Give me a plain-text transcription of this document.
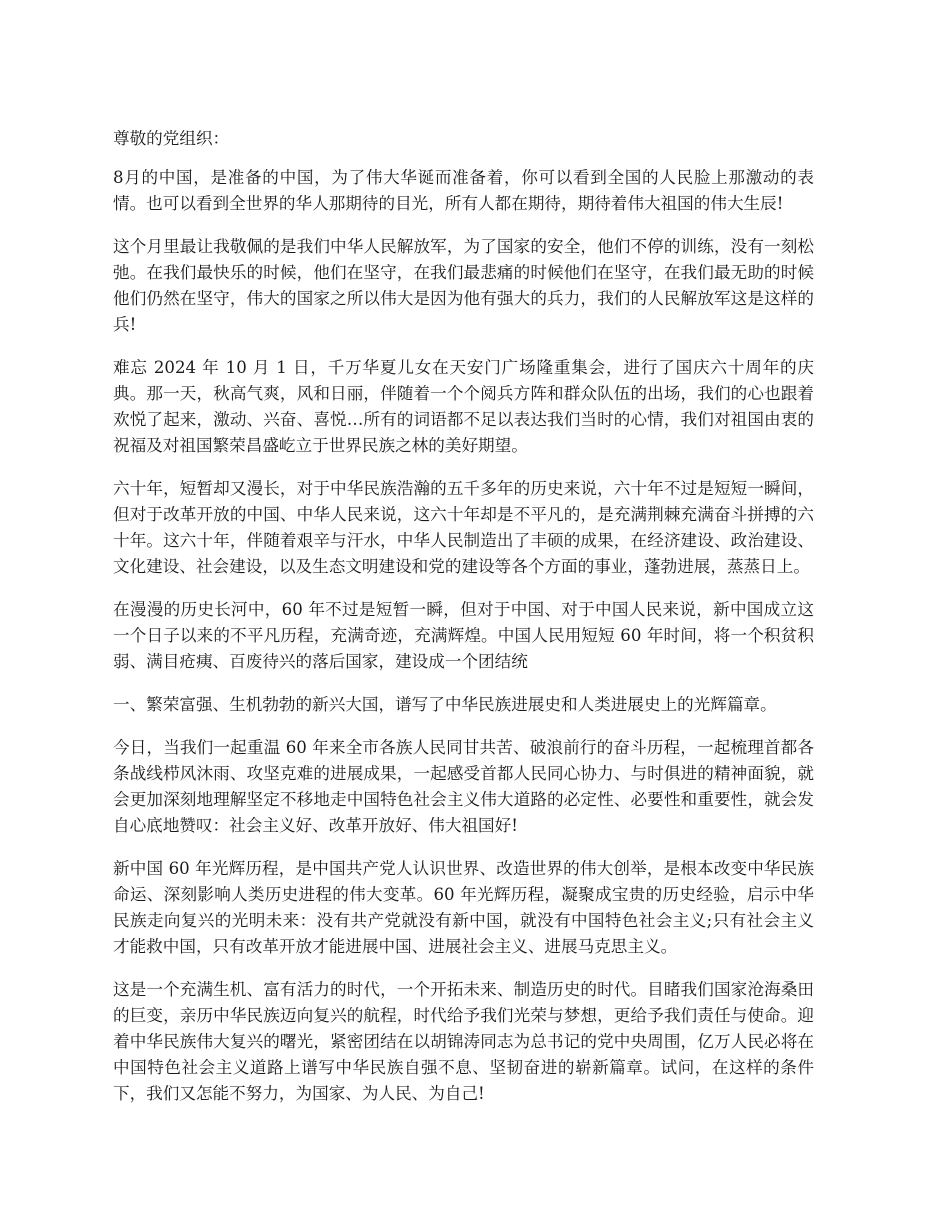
尊敬的党组织：

8月的中国，是准备的中国，为了伟大华诞而准备着，你可以看到全国的人民脸上那激动的表情。也可以看到全世界的华人那期待的目光，所有人都在期待，期待着伟大祖国的伟大生辰!

这个月里最让我敬佩的是我们中华人民解放军，为了国家的安全，他们不停的训练，没有一刻松弛。在我们最快乐的时候，他们在坚守，在我们最悲痛的时候他们在坚守，在我们最无助的时候他们仍然在坚守，伟大的国家之所以伟大是因为他有强大的兵力，我们的人民解放军这是这样的兵!

难忘 2024 年 10 月 1 日，千万华夏儿女在天安门广场隆重集会，进行了国庆六十周年的庆典。那一天，秋高气爽，风和日丽，伴随着一个个阅兵方阵和群众队伍的出场，我们的心也跟着欢悦了起来，激动、兴奋、喜悦…所有的词语都不足以表达我们当时的心情，我们对祖国由衷的祝福及对祖国繁荣昌盛屹立于世界民族之林的美好期望。

六十年，短暂却又漫长，对于中华民族浩瀚的五千多年的历史来说，六十年不过是短短一瞬间，但对于改革开放的中国、中华人民来说，这六十年却是不平凡的，是充满荆棘充满奋斗拼搏的六十年。这六十年，伴随着艰辛与汗水，中华人民制造出了丰硕的成果，在经济建设、政治建设、文化建设、社会建设，以及生态文明建设和党的建设等各个方面的事业，蓬勃进展，蒸蒸日上。

在漫漫的历史长河中，60 年不过是短暂一瞬，但对于中国、对于中国人民来说，新中国成立这一个日子以来的不平凡历程，充满奇迹，充满辉煌。中国人民用短短 60 年时间，将一个积贫积弱、满目疮痍、百废待兴的落后国家，建设成一个团结统

一、繁荣富强、生机勃勃的新兴大国，谱写了中华民族进展史和人类进展史上的光辉篇章。

今日，当我们一起重温 60 年来全市各族人民同甘共苦、破浪前行的奋斗历程，一起梳理首都各条战线栉风沐雨、攻坚克难的进展成果，一起感受首都人民同心协力、与时俱进的精神面貌，就会更加深刻地理解坚定不移地走中国特色社会主义伟大道路的必定性、必要性和重要性，就会发自心底地赞叹：社会主义好、改革开放好、伟大祖国好!

新中国 60 年光辉历程，是中国共产党人认识世界、改造世界的伟大创举，是根本改变中华民族命运、深刻影响人类历史进程的伟大变革。60 年光辉历程，凝聚成宝贵的历史经验，启示中华民族走向复兴的光明未来：没有共产党就没有新中国，就没有中国特色社会主义;只有社会主义才能救中国，只有改革开放才能进展中国、进展社会主义、进展马克思主义。

这是一个充满生机、富有活力的时代，一个开拓未来、制造历史的时代。目睹我们国家沧海桑田的巨变，亲历中华民族迈向复兴的航程，时代给予我们光荣与梦想，更给予我们责任与使命。迎着中华民族伟大复兴的曙光，紧密团结在以胡锦涛同志为总书记的党中央周围，亿万人民必将在中国特色社会主义道路上谱写中华民族自强不息、坚韧奋进的崭新篇章。试问，在这样的条件下，我们又怎能不努力，为国家、为人民、为自己!
